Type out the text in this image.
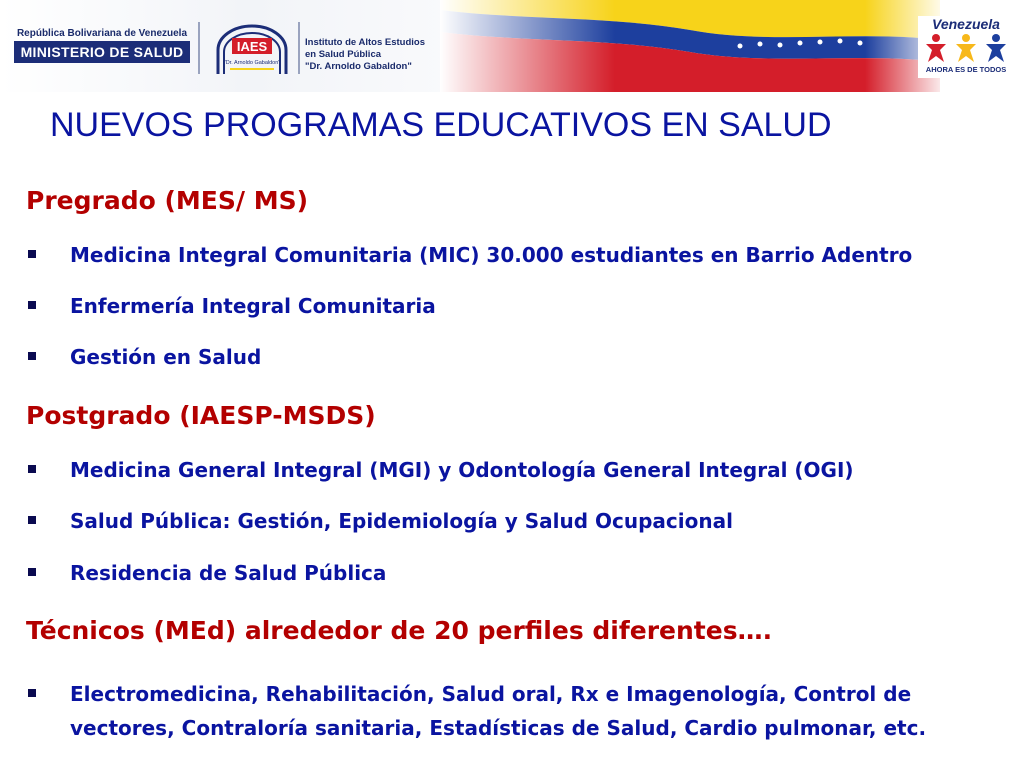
República Bolivariana de Venezuela
MINISTERIO DE SALUD	IAES
"Dr. Arnoldo Gabaldon"
Instituto de Altos Estudios
en Salud Pública
"Dr. Arnoldo Gabaldon"
Venezuela
AHORA ES DE TODOS
NUEVOS PROGRAMAS EDUCATIVOS EN SALUD
Pregrado (MES/ MS)
Medicina Integral Comunitaria (MIC) 30.000 estudiantes en Barrio Adentro
Enfermería Integral Comunitaria
Gestión en Salud
Postgrado (IAESP-MSDS)
Medicina General Integral (MGI) y Odontología General Integral (OGI)
Salud Pública: Gestión, Epidemiología y Salud Ocupacional
Residencia de Salud Pública
Técnicos (MEd) alrededor de 20 perfiles diferentes….
Electromedicina, Rehabilitación, Salud oral, Rx e Imagenología, Control de vectores, Contraloría sanitaria, Estadísticas de Salud, Cardio pulmonar, etc.
